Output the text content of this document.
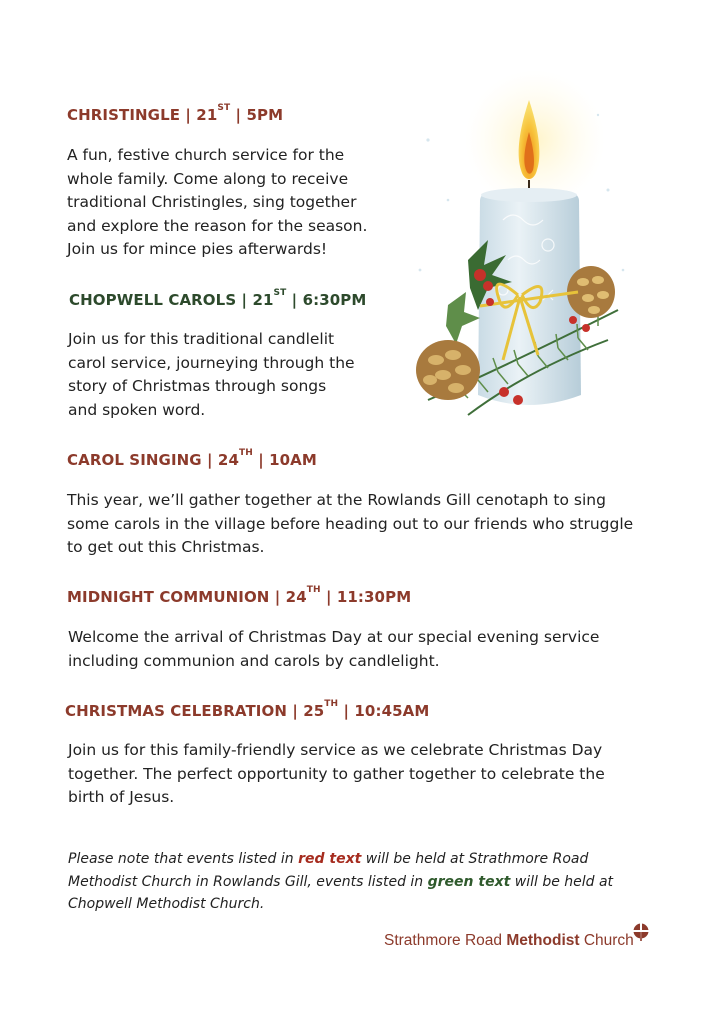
CHRISTINGLE | 21ST | 5PM
A fun, festive church service for the
whole family. Come along to receive
traditional Christingles, sing together
and explore the reason for the season.
Join us for mince pies afterwards!
CHOPWELL CAROLS | 21ST | 6:30PM
Join us for this traditional candlelit
carol service, journeying through the
story of Christmas through songs
and spoken word.
CAROL SINGING | 24TH | 10AM
This year, we’ll gather together at the Rowlands Gill cenotaph to sing
some carols in the village before heading out to our friends who struggle
to get out this Christmas.
MIDNIGHT COMMUNION | 24TH | 11:30PM
Welcome the arrival of Christmas Day at our special evening service
including communion and carols by candlelight.
CHRISTMAS CELEBRATION | 25TH | 10:45AM
Join us for this family-friendly service as we celebrate Christmas Day
together. The perfect opportunity to gather together to celebrate the
birth of Jesus.

Please note that events listed in red text will be held at Strathmore Road Methodist Church in Rowlands Gill, events listed in green text will be held at Chopwell Methodist Church.

Strathmore Road Methodist Church
